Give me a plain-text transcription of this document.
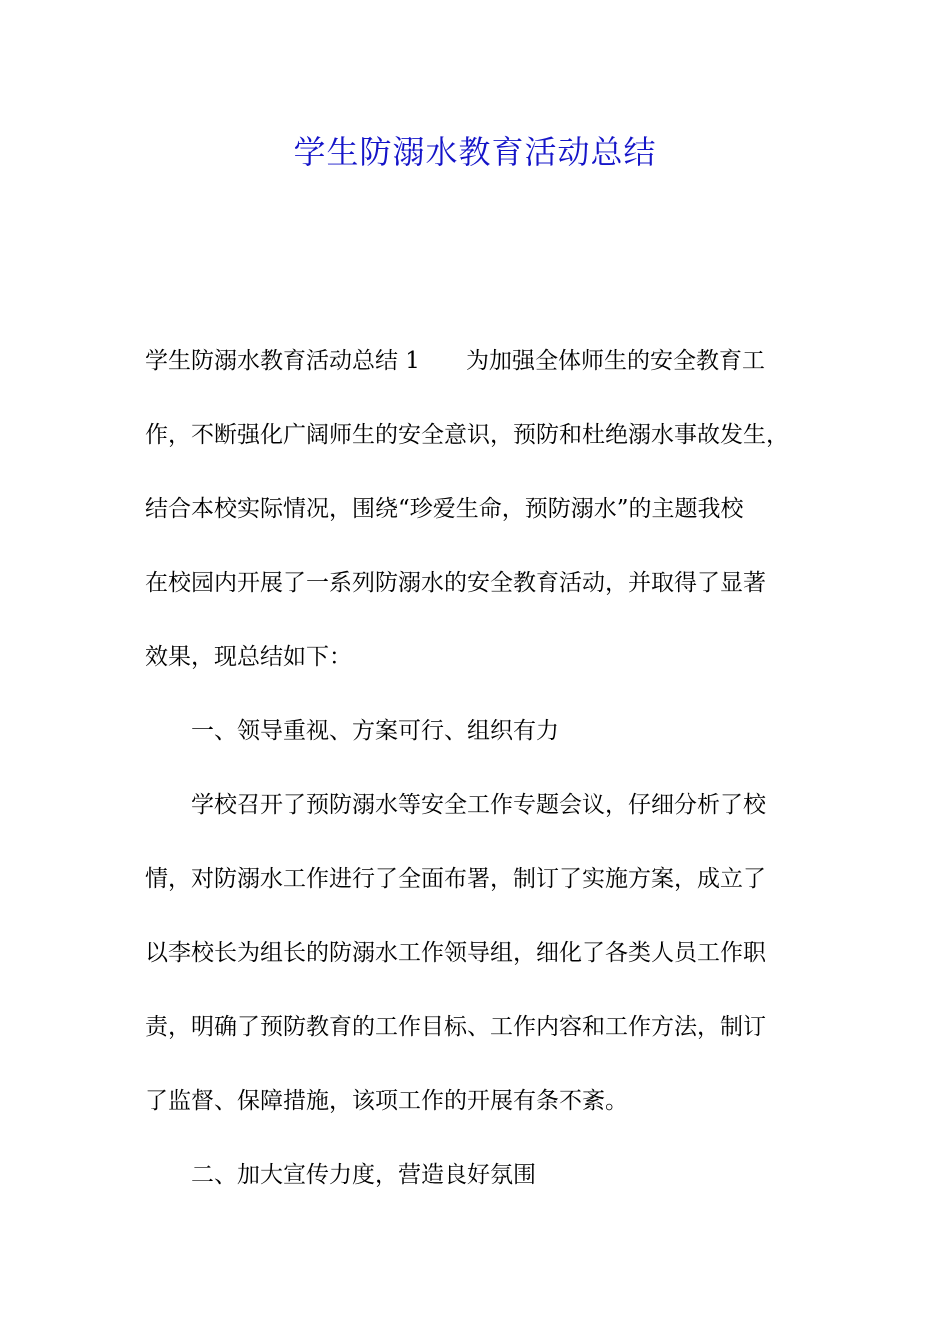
学生防溺水教育活动总结
学生防溺水教育活动总结 1 为加强全体师生的安全教育工
作，不断强化广阔师生的安全意识，预防和杜绝溺水事故发生，
结合本校实际情况，围绕“珍爱生命，预防溺水”的主题我校
在校园内开展了一系列防溺水的安全教育活动，并取得了显著
效果，现总结如下：
一、领导重视、方案可行、组织有力
学校召开了预防溺水等安全工作专题会议，仔细分析了校
情，对防溺水工作进行了全面布署，制订了实施方案，成立了
以李校长为组长的防溺水工作领导组，细化了各类人员工作职
责，明确了预防教育的工作目标、工作内容和工作方法，制订
了监督、保障措施，该项工作的开展有条不紊。
二、加大宣传力度，营造良好氛围
